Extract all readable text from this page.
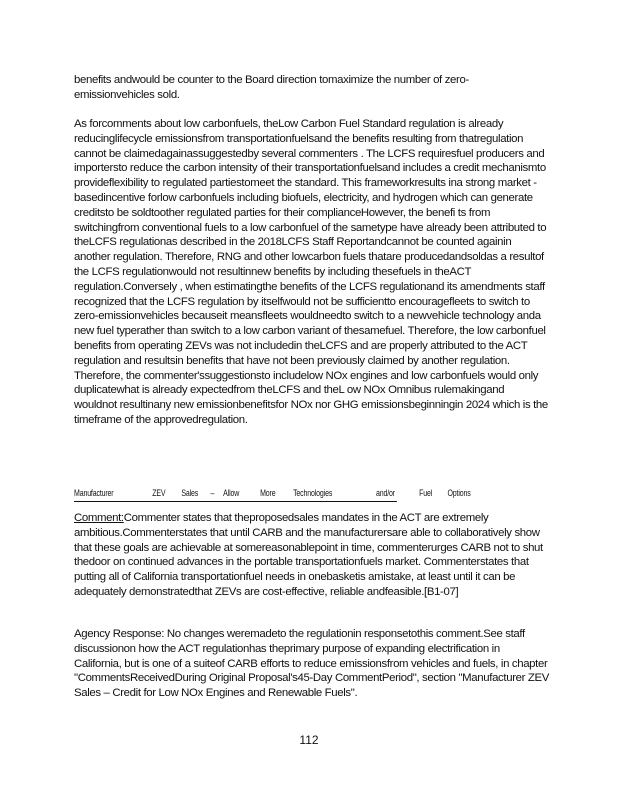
benefits andwould be counter to the Board direction tomaximize the number of zero-emissionvehicles sold.

As forcomments about low carbonfuels, theLow Carbon Fuel Standard regulation is already reducinglifecycle emissionsfrom transportationfuelsand the benefits resulting from thatregulation cannot be claimedagainassuggestedby several commenters . The LCFS requiresfuel producers and importersto reduce the carbon intensity of their transportationfuelsand includes a credit mechanismto provideflexibility to regulated partiestomeet the standard. This frameworkresults ina strong market -basedincentive forlow carbonfuels including biofuels, electricity, and hydrogen which can generate creditsto be soldtoother regulated parties for their complianceHowever, the benefi ts from switchingfrom conventional fuels to a low carbonfuel of the sametype have already been attributed to theLCFS regulationas described in the 2018LCFS Staff Reportandcannot be counted againin another regulation. Therefore, RNG and other lowcarbon fuels thatare producedandsoldas a resultof the LCFS regulationwould not resultinnew benefits by including thesefuels in theACT regulation.Conversely , when estimatingthe benefits of the LCFS regulationand its amendments staff recognized that the LCFS regulation by itselfwould not be sufficientto encouragefleets to switch to zero-emissionvehicles becauseit meansfleets wouldneedto switch to a newvehicle technology anda new fuel typerather than switch to a low carbon variant of thesamefuel. Therefore, the low carbonfuel benefits from operating ZEVs was not includedin theLCFS and are properly attributed to the ACT regulation and resultsin benefits that have not been previously claimed by another regulation. Therefore, the commenter'ssuggestionsto includelow NOx engines and low carbonfuels would only duplicatewhat is already expectedfrom theLCFS and theL ow NOx Omnibus rulemakingand wouldnot resultinany new emissionbenefitsfor NOx nor GHG emissionsbeginningin 2024 which is the timeframe of the approvedregulation.

Manufacturer	ZEV Sales – Allow More Technologies	and/or	Fuel Options

Comment:Commenter states that theproposedsales mandates in the ACT are extremely ambitious.Commenterstates that until CARB and the manufacturersare able to collaboratively show that these goals are achievable at somereasonablepoint in time, commenterurges CARB not to shut thedoor on continued advances in the portable transportationfuels market. Commenterstates that putting all of California transportationfuel needs in onebasketis amistake, at least until it can be adequately demonstratedthat ZEVs are cost-effective, reliable andfeasible.[B1-07]

Agency Response: No changes weremadeto the regulationin responsetothis comment.See staff discussionon how the ACT regulationhas theprimary purpose of expanding electrification in California, but is one of a suiteof CARB efforts to reduce emissionsfrom vehicles and fuels, in chapter "CommentsReceivedDuring Original Proposal's45-Day CommentPeriod", section "Manufacturer ZEV Sales – Credit for Low NOx Engines and Renewable Fuels".

112
